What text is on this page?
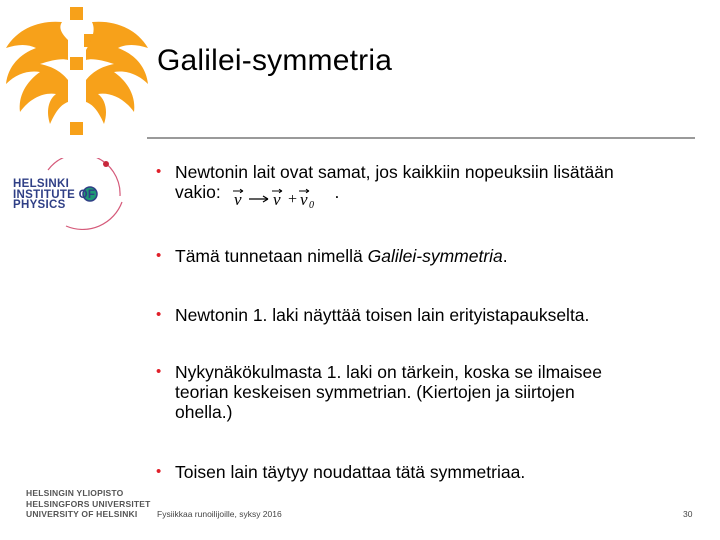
Galilei-symmetria
HELSINKI
INSTITUTE OF
PHYSICS
• Newtonin lait ovat samat, jos kaikkiin nopeuksiin lisätään
vakio: v v + v 0
.
• Tämä tunnetaan nimellä Galilei-symmetria.
• Newtonin 1. laki näyttää toisen lain erityistapaukselta.
• Nykynäkökulmasta 1. laki on tärkein, koska se ilmaisee
teorian keskeisen symmetrian. (Kiertojen ja siirtojen
ohella.)
• Toisen lain täytyy noudattaa tätä symmetriaa.
HELSINGIN YLIOPISTO
HELSINGFORS UNIVERSITET
UNIVERSITY OF HELSINKI	Fysiikkaa runoilijoille, syksy 2016	30
